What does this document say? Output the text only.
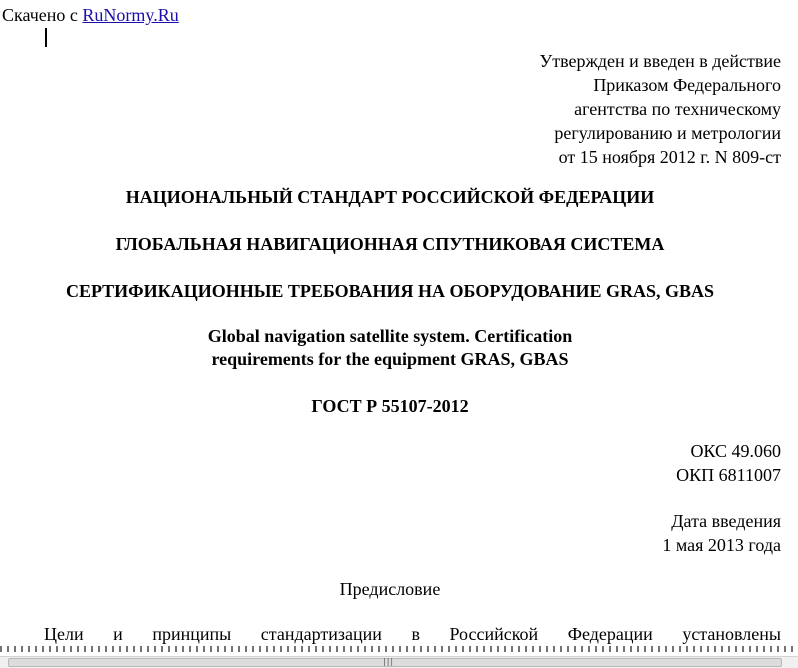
Скачено с RuNormy.Ru
Утвержден и введен в действие
Приказом Федерального
агентства по техническому
регулированию и метрологии
от 15 ноября 2012 г. N 809-ст
НАЦИОНАЛЬНЫЙ СТАНДАРТ РОССИЙСКОЙ ФЕДЕРАЦИИ
ГЛОБАЛЬНАЯ НАВИГАЦИОННАЯ СПУТНИКОВАЯ СИСТЕМА
СЕРТИФИКАЦИОННЫЕ ТРЕБОВАНИЯ НА ОБОРУДОВАНИЕ GRAS, GBAS
Global navigation satellite system. Certification
requirements for the equipment GRAS, GBAS
ГОСТ Р 55107-2012
ОКС 49.060
ОКП 6811007
Дата введения
1 мая 2013 года
Предисловие
Цели и принципы стандартизации в Российской Федерации установлены
|||
